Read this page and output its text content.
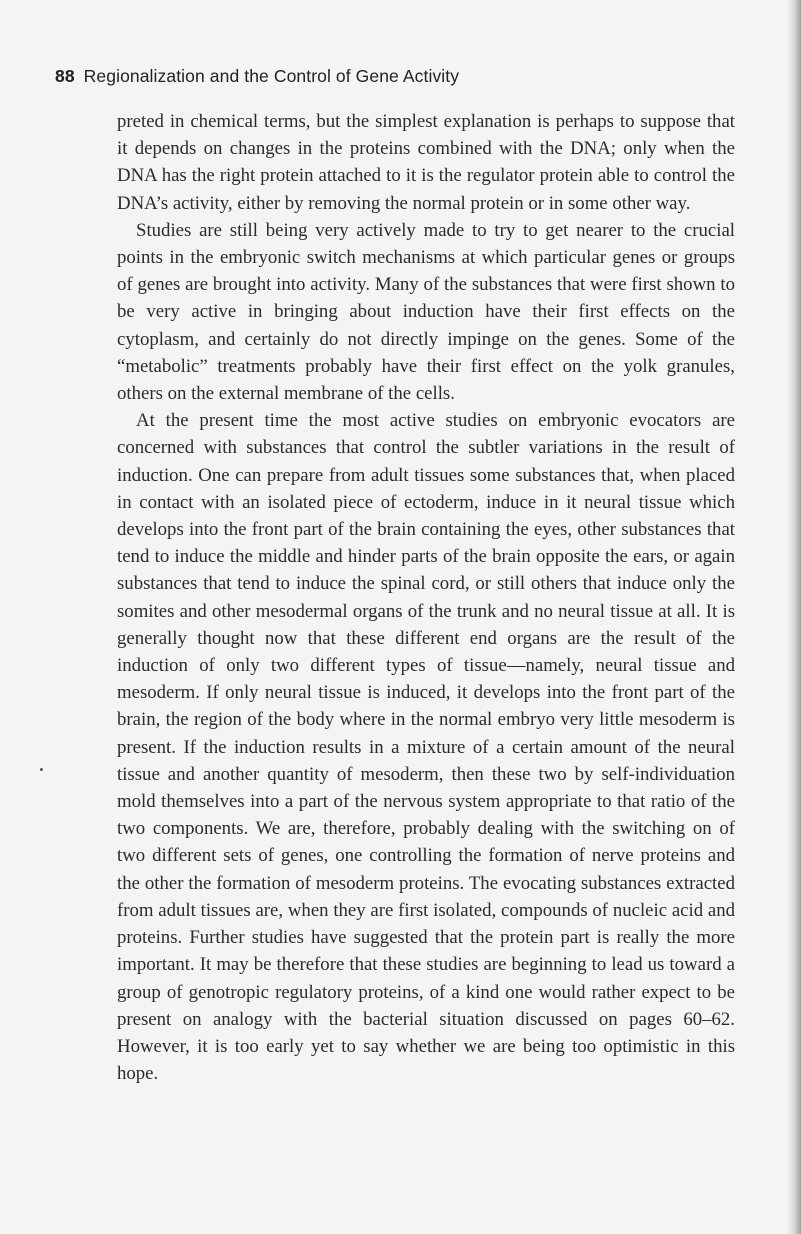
88 Regionalization and the Control of Gene Activity

preted in chemical terms, but the simplest explanation is perhaps to suppose that it depends on changes in the proteins combined with the DNA; only when the DNA has the right protein attached to it is the regulator protein able to control the DNA’s activity, either by removing the normal protein or in some other way.

Studies are still being very actively made to try to get nearer to the crucial points in the embryonic switch mechanisms at which particular genes or groups of genes are brought into activity. Many of the substances that were first shown to be very active in bringing about induction have their first effects on the cytoplasm, and certainly do not directly impinge on the genes. Some of the “metabolic” treatments probably have their first effect on the yolk granules, others on the external membrane of the cells.

At the present time the most active studies on embryonic evocators are concerned with substances that control the subtler variations in the result of induction. One can prepare from adult tissues some substances that, when placed in contact with an isolated piece of ectoderm, induce in it neural tissue which develops into the front part of the brain containing the eyes, other substances that tend to induce the middle and hinder parts of the brain opposite the ears, or again substances that tend to induce the spinal cord, or still others that induce only the somites and other mesodermal organs of the trunk and no neural tissue at all. It is generally thought now that these different end organs are the result of the induction of only two different types of tissue—namely, neural tissue and mesoderm. If only neural tissue is induced, it develops into the front part of the brain, the region of the body where in the normal embryo very little mesoderm is present. If the induction results in a mixture of a certain amount of the neural tissue and another quantity of mesoderm, then these two by self-individuation mold themselves into a part of the nervous system appropriate to that ratio of the two components. We are, therefore, probably dealing with the switching on of two different sets of genes, one controlling the formation of nerve proteins and the other the formation of mesoderm proteins. The evocating substances extracted from adult tissues are, when they are first isolated, compounds of nucleic acid and proteins. Further studies have suggested that the protein part is really the more important. It may be therefore that these studies are beginning to lead us toward a group of genotropic regulatory proteins, of a kind one would rather expect to be present on analogy with the bacterial situation discussed on pages 60–62. However, it is too early yet to say whether we are being too optimistic in this hope.
